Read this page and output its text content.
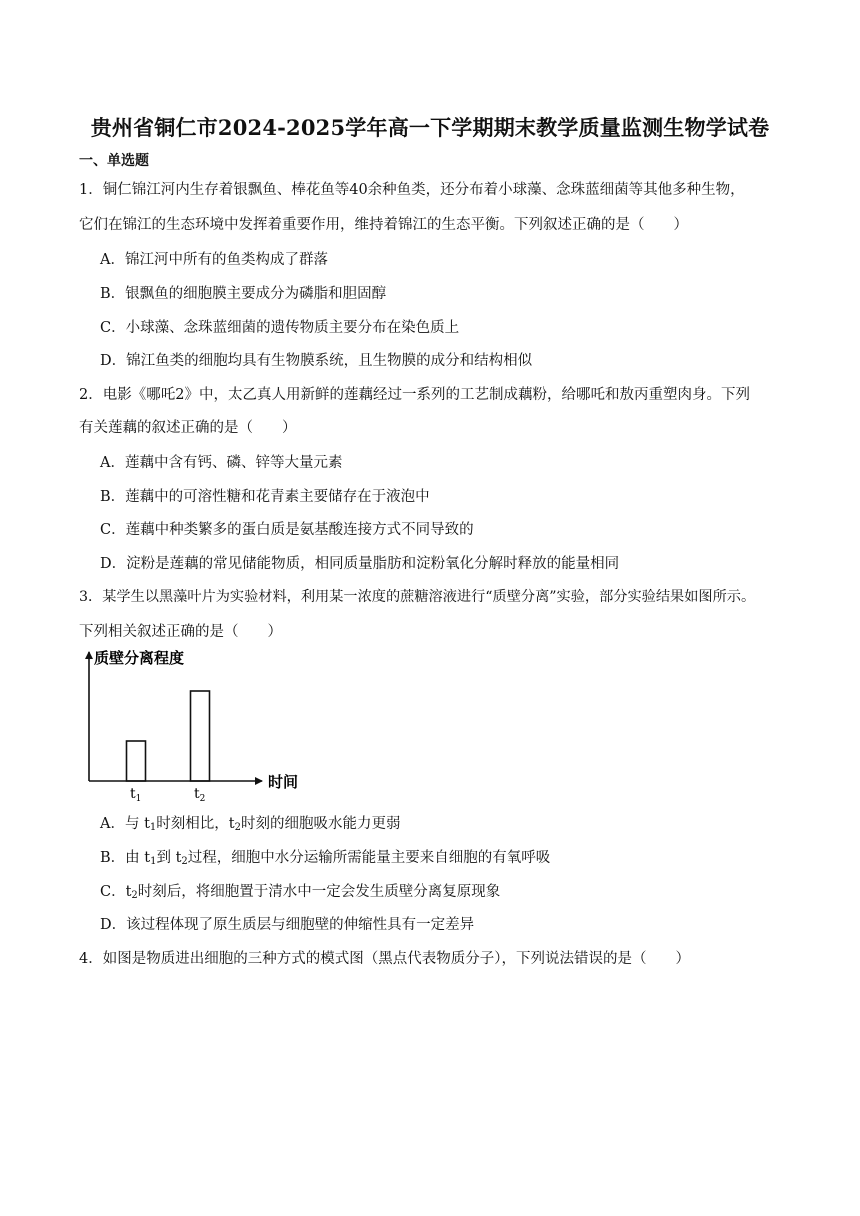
贵州省铜仁市2024-2025学年高一下学期期末教学质量监测生物学试卷
一、单选题
1．铜仁锦江河内生存着银飘鱼、棒花鱼等40余种鱼类，还分布着小球藻、念珠蓝细菌等其他多种生物，
它们在锦江的生态环境中发挥着重要作用，维持着锦江的生态平衡。下列叙述正确的是（　　）
A．锦江河中所有的鱼类构成了群落
B．银飘鱼的细胞膜主要成分为磷脂和胆固醇
C．小球藻、念珠蓝细菌的遗传物质主要分布在染色质上
D．锦江鱼类的细胞均具有生物膜系统，且生物膜的成分和结构相似
2．电影《哪吒2》中，太乙真人用新鲜的莲藕经过一系列的工艺制成藕粉，给哪吒和敖丙重塑肉身。下列
有关莲藕的叙述正确的是（　　）
A．莲藕中含有钙、磷、锌等大量元素
B．莲藕中的可溶性糖和花青素主要储存在于液泡中
C．莲藕中种类繁多的蛋白质是氨基酸连接方式不同导致的
D．淀粉是莲藕的常见储能物质，相同质量脂肪和淀粉氧化分解时释放的能量相同
3．某学生以黑藻叶片为实验材料，利用某一浓度的蔗糖溶液进行“质壁分离”实验，部分实验结果如图所示。
下列相关叙述正确的是（　　）
质壁分离程度
时间
$t_1$	$t_2$
A．与 $t_1$时刻相比，$t_2$时刻的细胞吸水能力更弱
B．由 $t_1$到 $t_2$过程，细胞中水分运输所需能量主要来自细胞的有氧呼吸
C．$t_2$时刻后，将细胞置于清水中一定会发生质壁分离复原现象
D．该过程体现了原生质层与细胞壁的伸缩性具有一定差异
4．如图是物质进出细胞的三种方式的模式图（黑点代表物质分子），下列说法错误的是（　　）
